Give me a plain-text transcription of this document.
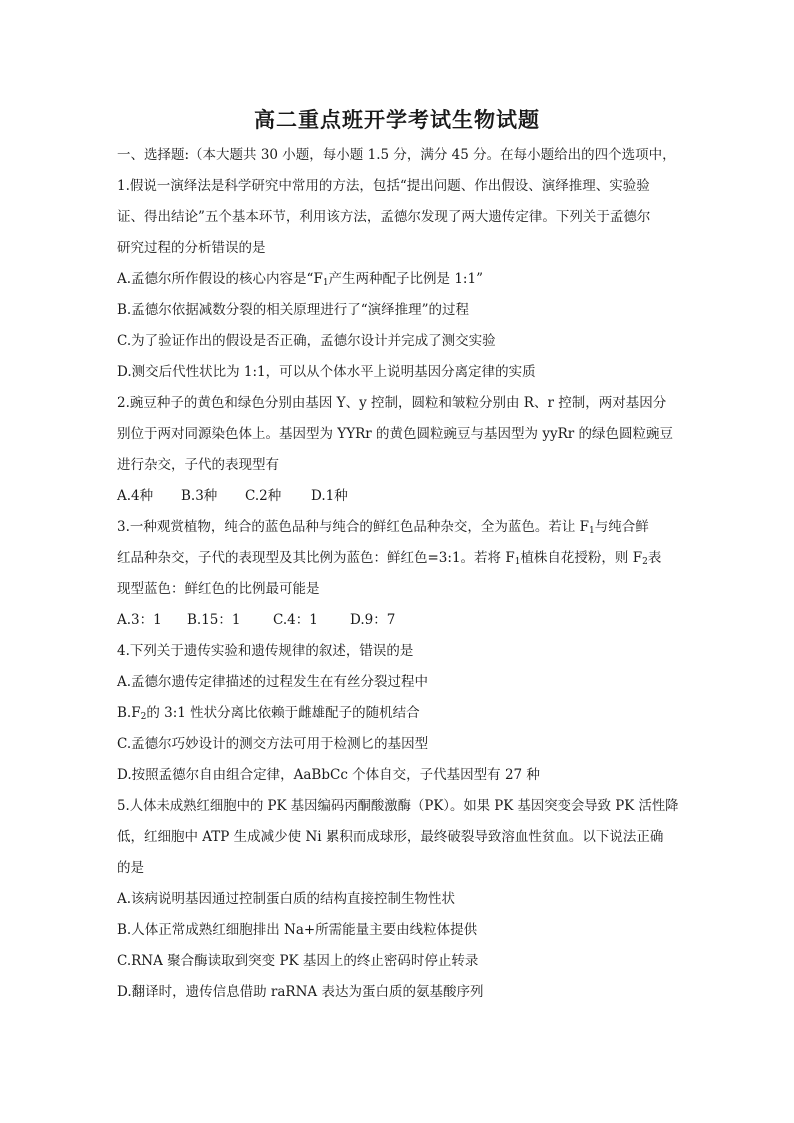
高二重点班开学考试生物试题
一、选择题:（本大题共 30 小题，每小题 1.5 分，满分 45 分。在每小题给出的四个选项中，
1.假说一演绎法是科学研究中常用的方法，包括“提出问题、作出假设、演绎推理、实验验
证、得出结论”五个基本环节，利用该方法，孟德尔发现了两大遗传定律。下列关于孟德尔
研究过程的分析错误的是
A.孟德尔所作假设的核心内容是“$F_1$产生两种配子比例是 1:1”
B.孟德尔依据减数分裂的相关原理进行了“演绎推理”的过程
C.为了验证作出的假设是否正确，孟德尔设计并完成了测交实验
D.测交后代性状比为 1:1，可以从个体水平上说明基因分离定律的实质
2.豌豆种子的黄色和绿色分别由基因 Y、y 控制，圆粒和皱粒分别由 R、r 控制，两对基因分
别位于两对同源染色体上。基因型为 YYRr 的黄色圆粒豌豆与基因型为 yyRr 的绿色圆粒豌豆
进行杂交，子代的表现型有
A.4种 B.3种 C.2种 D.1种
3.一种观赏植物，纯合的蓝色品种与纯合的鲜红色品种杂交，全为蓝色。若让 $F_1$与纯合鲜
红品种杂交，子代的表现型及其比例为蓝色：鲜红色=3:1。若将 $F_1$植株自花授粉，则 $F_2$表
现型蓝色：鲜红色的比例最可能是
A.3：1 B.15：1 C.4：1 D.9：7
4.下列关于遗传实验和遗传规律的叙述，错误的是
A.孟德尔遗传定律描述的过程发生在有丝分裂过程中
$B.F_2$的 3:1 性状分离比依赖于雌雄配子的随机结合
C.孟德尔巧妙设计的测交方法可用于检测匕的基因型
D.按照孟德尔自由组合定律，AaBbCc 个体自交，子代基因型有 27 种
5.人体未成熟红细胞中的 PK 基因编码丙酮酸激酶（PK）。如果 PK 基因突变会导致 PK 活性降
低，红细胞中 ATP 生成减少使 Ni 累积而成球形，最终破裂导致溶血性贫血。以下说法正确
的是
A.该病说明基因通过控制蛋白质的结构直接控制生物性状
B.人体正常成熟红细胞排出 Na+所需能量主要由线粒体提供
C.RNA 聚合酶读取到突变 PK 基因上的终止密码时停止转录
D.翻译时，遗传信息借助 raRNA 表达为蛋白质的氨基酸序列
